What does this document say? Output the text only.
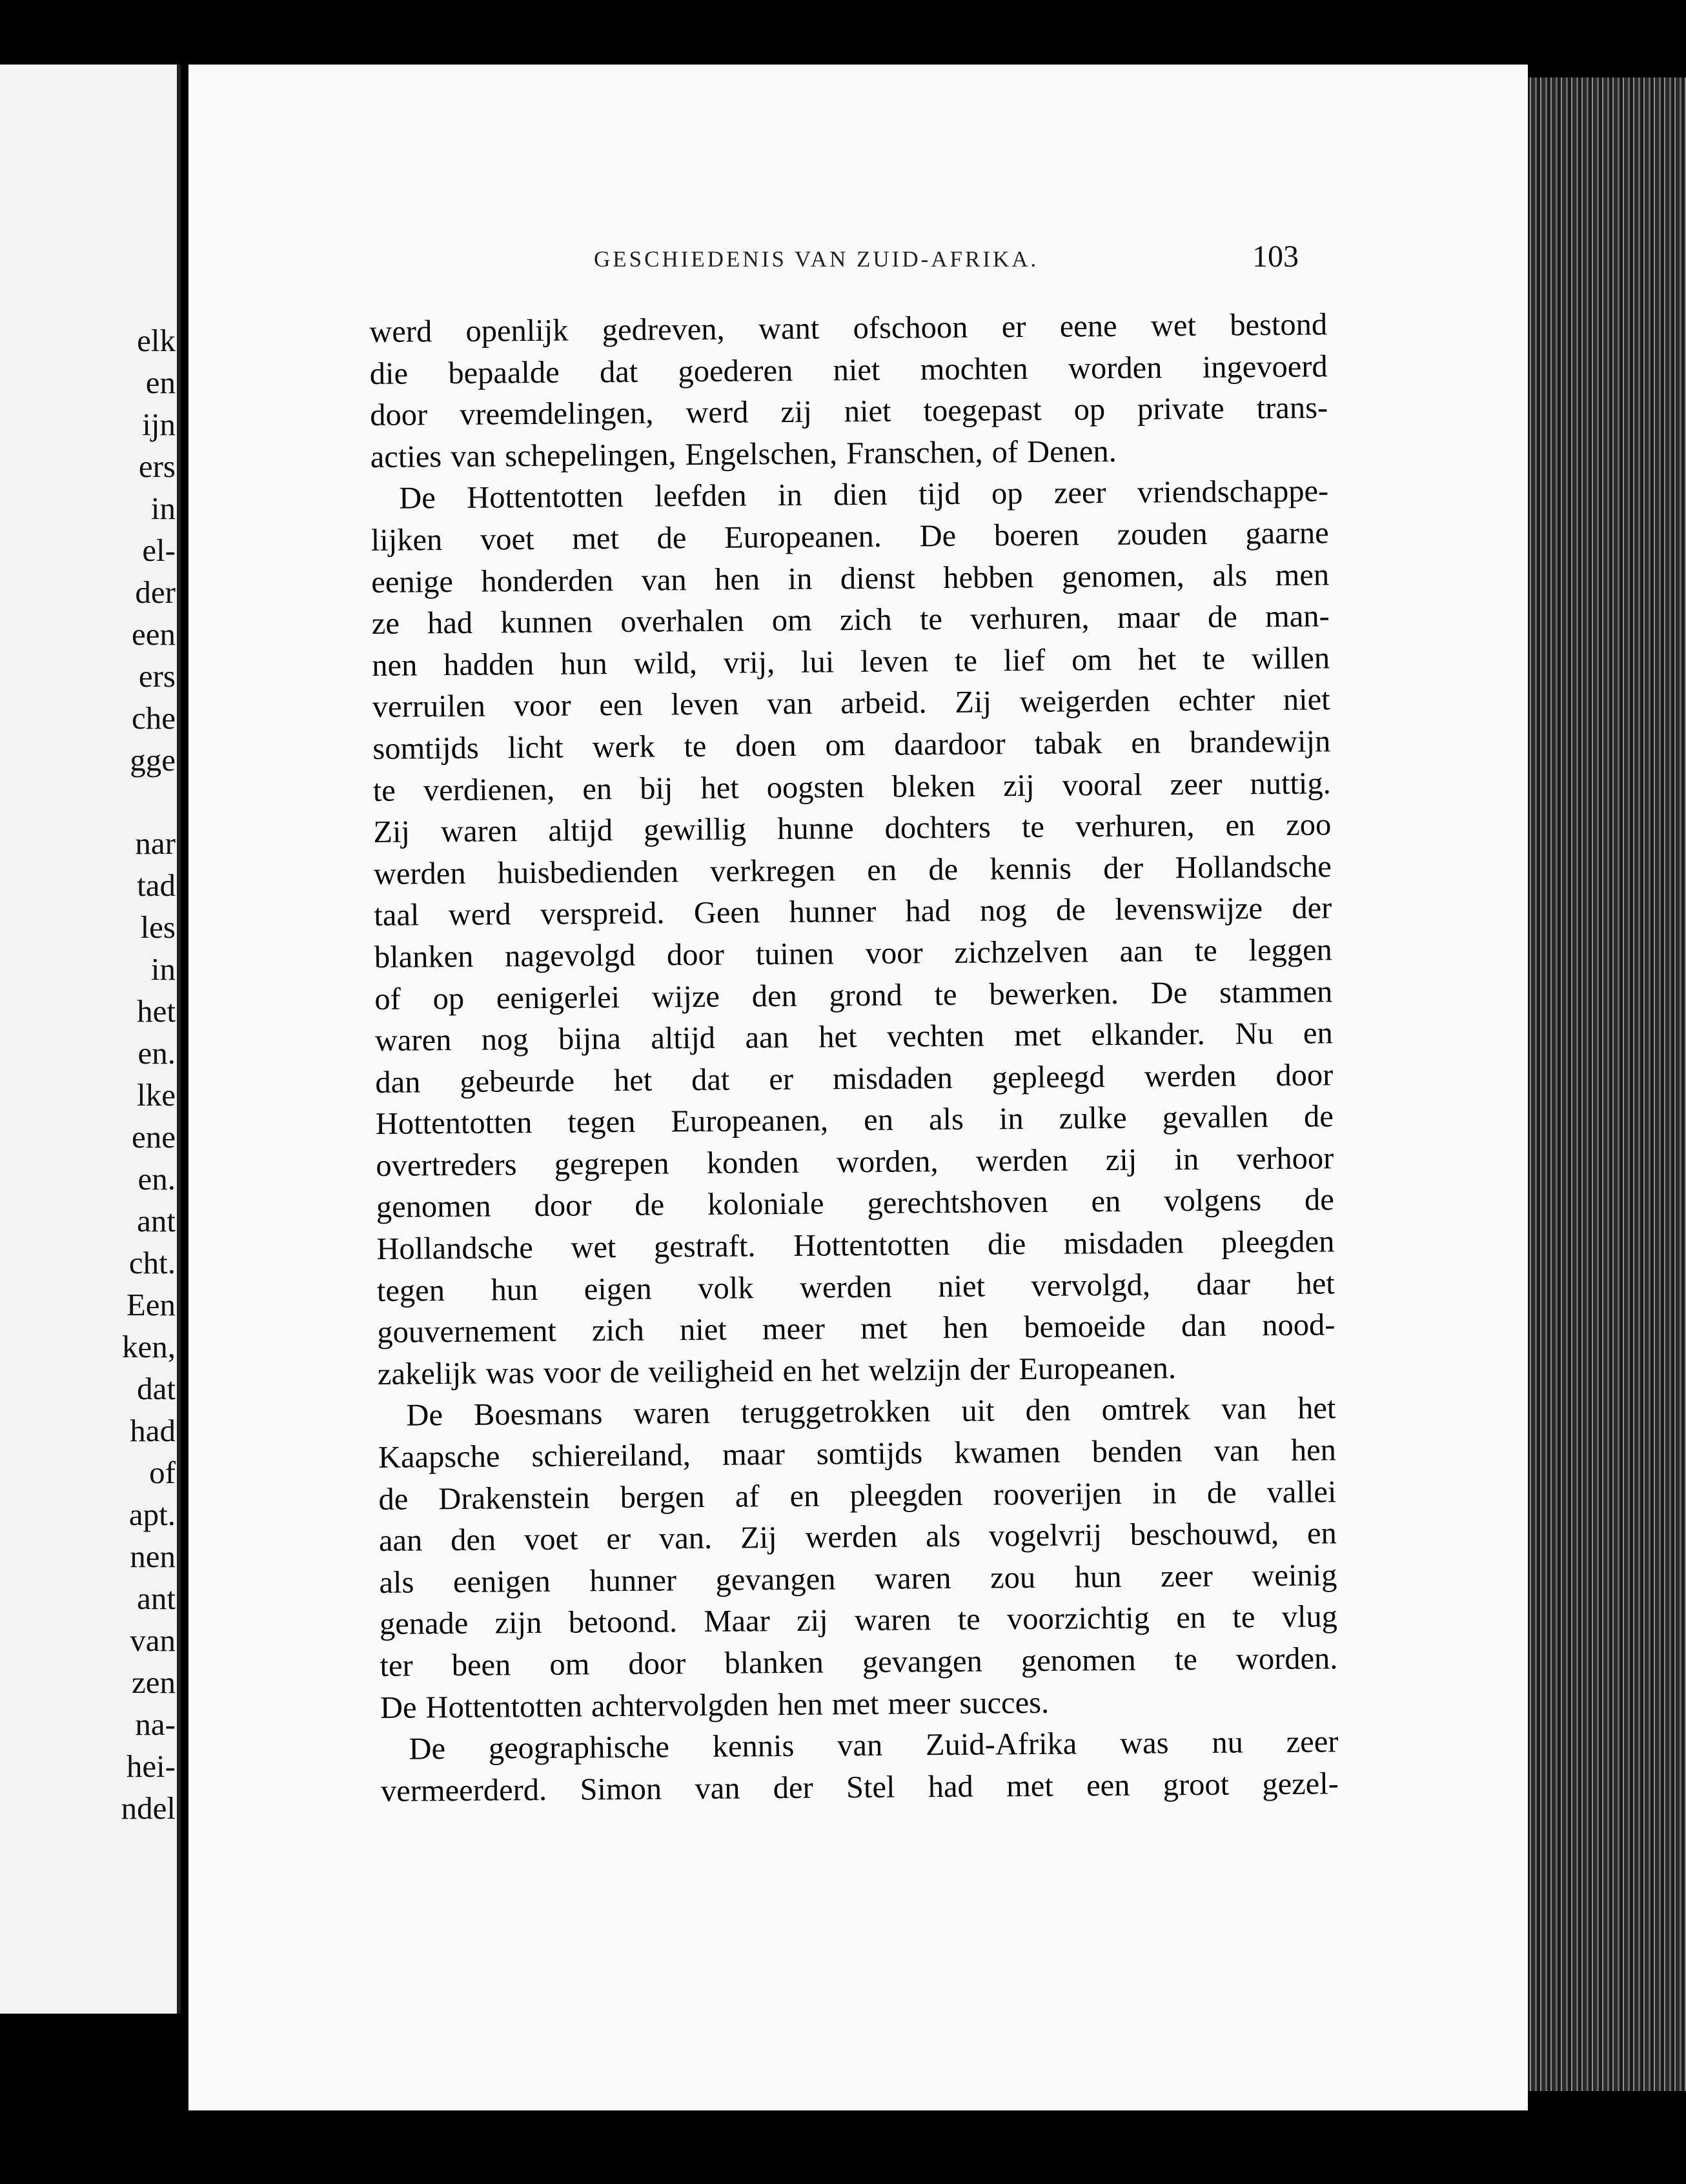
elk
en
ijn
ers
in
el-
der
een
ers
che
gge
nar
tad
les
in
het
en.
lke
ene
en.
ant
cht.
Een
ken,
dat
had
of
apt.
nen
ant
van
zen
na-
hei-
ndel
GESCHIEDENIS VAN ZUID-AFRIKA.	103
werd openlijk gedreven, want ofschoon er eene wet bestond
die bepaalde dat goederen niet mochten worden ingevoerd
door vreemdelingen, werd zij niet toegepast op private trans-
acties van schepelingen, Engelschen, Franschen, of Denen.
De Hottentotten leefden in dien tijd op zeer vriendschappe-
lijken voet met de Europeanen. De boeren zouden gaarne
eenige honderden van hen in dienst hebben genomen, als men
ze had kunnen overhalen om zich te verhuren, maar de man-
nen hadden hun wild, vrij, lui leven te lief om het te willen
verruilen voor een leven van arbeid. Zij weigerden echter niet
somtijds licht werk te doen om daardoor tabak en brandewijn
te verdienen, en bij het oogsten bleken zij vooral zeer nuttig.
Zij waren altijd gewillig hunne dochters te verhuren, en zoo
werden huisbedienden verkregen en de kennis der Hollandsche
taal werd verspreid. Geen hunner had nog de levenswijze der
blanken nagevolgd door tuinen voor zichzelven aan te leggen
of op eenigerlei wijze den grond te bewerken. De stammen
waren nog bijna altijd aan het vechten met elkander. Nu en
dan gebeurde het dat er misdaden gepleegd werden door
Hottentotten tegen Europeanen, en als in zulke gevallen de
overtreders gegrepen konden worden, werden zij in verhoor
genomen door de koloniale gerechtshoven en volgens de
Hollandsche wet gestraft. Hottentotten die misdaden pleegden
tegen hun eigen volk werden niet vervolgd, daar het
gouvernement zich niet meer met hen bemoeide dan nood-
zakelijk was voor de veiligheid en het welzijn der Europeanen.
De Boesmans waren teruggetrokken uit den omtrek van het
Kaapsche schiereiland, maar somtijds kwamen benden van hen
de Drakenstein bergen af en pleegden rooverijen in de vallei
aan den voet er van. Zij werden als vogelvrij beschouwd, en
als eenigen hunner gevangen waren zou hun zeer weinig
genade zijn betoond. Maar zij waren te voorzichtig en te vlug
ter been om door blanken gevangen genomen te worden.
De Hottentotten achtervolgden hen met meer succes.
De geographische kennis van Zuid-Afrika was nu zeer
vermeerderd. Simon van der Stel had met een groot gezel-
